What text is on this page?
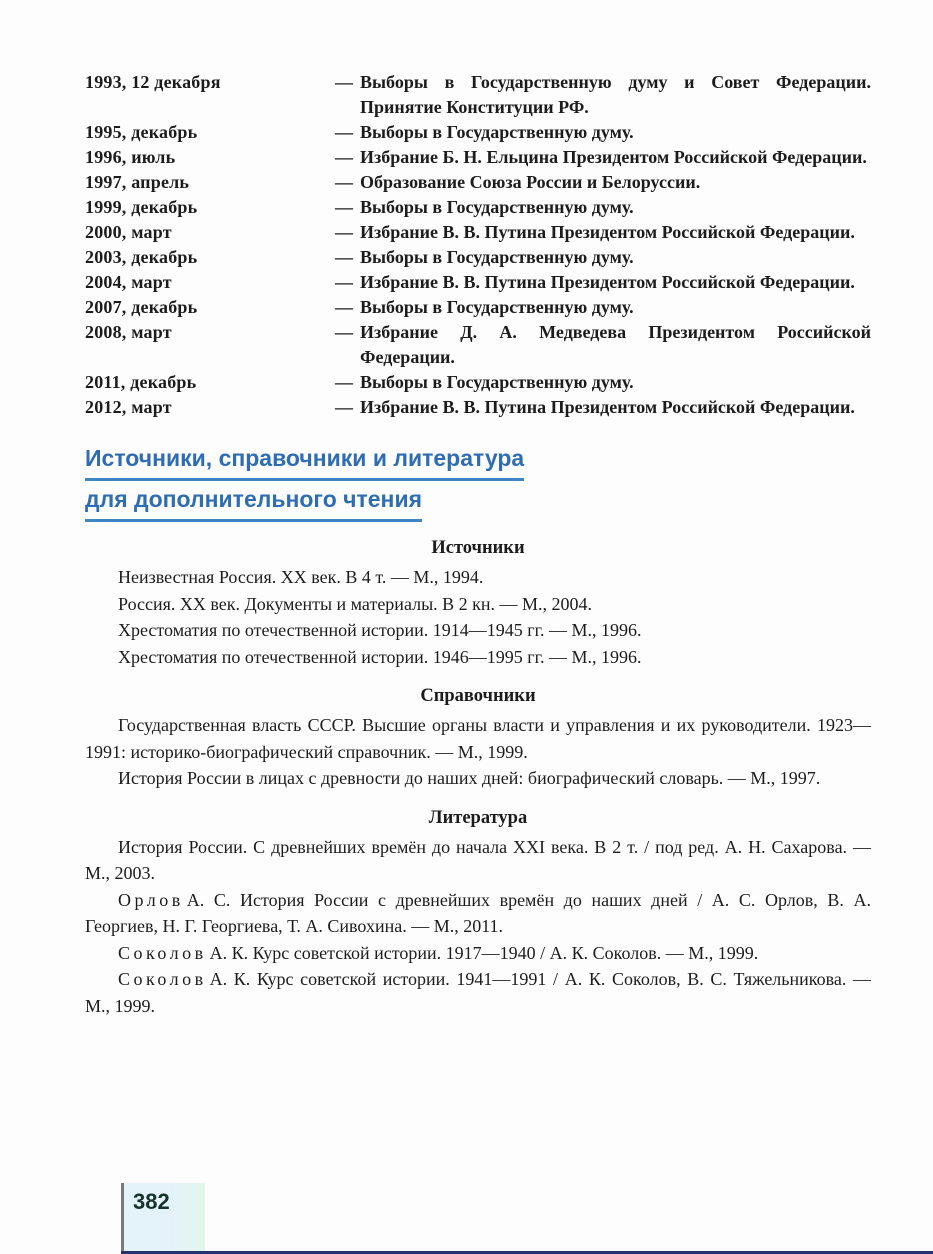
1993, 12 декабря	— Выборы в Государственную думу и Совет Федерации. Принятие Конституции РФ.
1995, декабрь	— Выборы в Государственную думу.
1996, июль	— Избрание Б. Н. Ельцина Президентом Российской Федерации.
1997, апрель	— Образование Союза России и Белоруссии.
1999, декабрь	— Выборы в Государственную думу.
2000, март	— Избрание В. В. Путина Президентом Российской Федерации.
2003, декабрь	— Выборы в Государственную думу.
2004, март	— Избрание В. В. Путина Президентом Российской Федерации.
2007, декабрь	— Выборы в Государственную думу.
2008, март	— Избрание Д. А. Медведева Президентом Российской Федерации.
2011, декабрь	— Выборы в Государственную думу.
2012, март	— Избрание В. В. Путина Президентом Российской Федерации.
Источники, справочники и литература
для дополнительного чтения
Источники

Неизвестная Россия. XX век. В 4 т. — М., 1994.

Россия. XX век. Документы и материалы. В 2 кн. — М., 2004.

Хрестоматия по отечественной истории. 1914—1945 гг. — М., 1996.

Хрестоматия по отечественной истории. 1946—1995 гг. — М., 1996.

Справочники

Государственная власть СССР. Высшие органы власти и управления и их руководители. 1923—1991: историко-биографический справочник. — М., 1999.

История России в лицах с древности до наших дней: биографический словарь. — М., 1997.

Литература

История России. С древнейших времён до начала XXI века. В 2 т. / под ред. А. Н. Сахарова. — М., 2003.

Орлов А. С. История России с древнейших времён до наших дней / А. С. Орлов, В. А. Георгиев, Н. Г. Георгиева, Т. А. Сивохина. — М., 2011.

Соколов А. К. Курс советской истории. 1917—1940 / А. К. Соколов. — М., 1999.

Соколов А. К. Курс советской истории. 1941—1991 / А. К. Соколов, В. С. Тяжельникова. — М., 1999.

382
